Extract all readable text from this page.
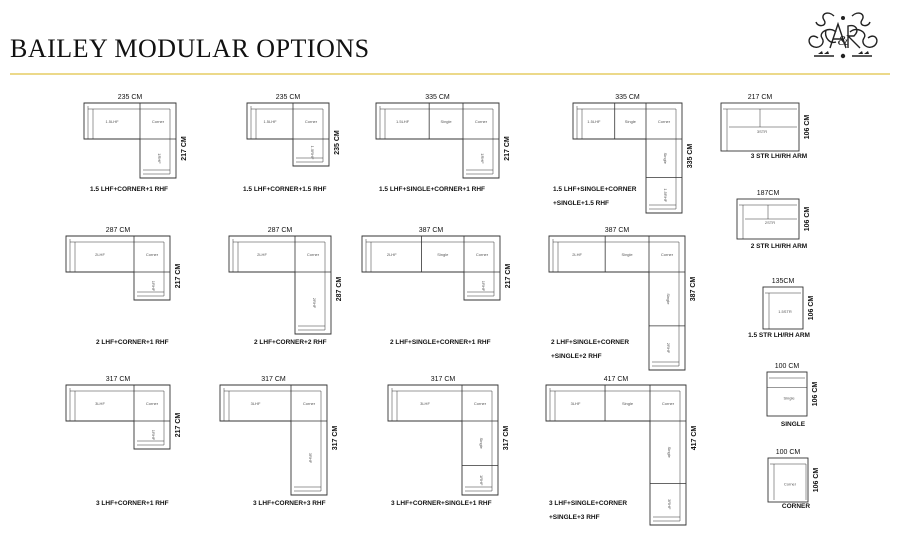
BAILEY MODULAR OPTIONS	&
1.5LHF	Corner
1RHF
235 CM
217 CM
1.5 LHF+CORNER+1 RHF
1.5LHF	Corner
1.5RHF
235 CM
235 CM
1.5 LHF+CORNER+1.5 RHF
1.5LHF	Single	Corner
1RHF
335 CM
217 CM
1.5 LHF+SINGLE+CORNER+1 RHF
1.5LHF	Single	Corner
Single
1.5RHF
335 CM
335 CM
1.5 LHF+SINGLE+CORNER
+SINGLE+1.5 RHF
2LHF	Corner
1RHF
287 CM
217 CM
2 LHF+CORNER+1 RHF
2LHF	Corner
2RHF
287 CM
287 CM
2 LHF+CORNER+2 RHF
2LHF	Single	Corner
1RHF
387 CM
217 CM
2 LHF+SINGLE+CORNER+1 RHF
2LHF	Single	Corner
Single
2RHF
387 CM
387 CM
2 LHF+SINGLE+CORNER
+SINGLE+2 RHF
3LHF	Corner
1RHF
317 CM
217 CM
3 LHF+CORNER+1 RHF
3LHF	Corner
3RHF
317 CM
317 CM
3 LHF+CORNER+3 RHF
3LHF	Corner
Single
1RHF
317 CM
317 CM
3 LHF+CORNER+SINGLE+1 RHF
3LHF	Single	Corner
Single
3RHF
417 CM
417 CM
3 LHF+SINGLE+CORNER
+SINGLE+3 RHF
3STR
217 CM
106 CM
3 STR LH/RH ARM
2STR
187CM
106 CM
2 STR LH/RH ARM
1.5STR
135CM
106 CM
1.5 STR LH/RH ARM
Single
100 CM
106 CM
SINGLE
Corner
100 CM
106 CM
CORNER
